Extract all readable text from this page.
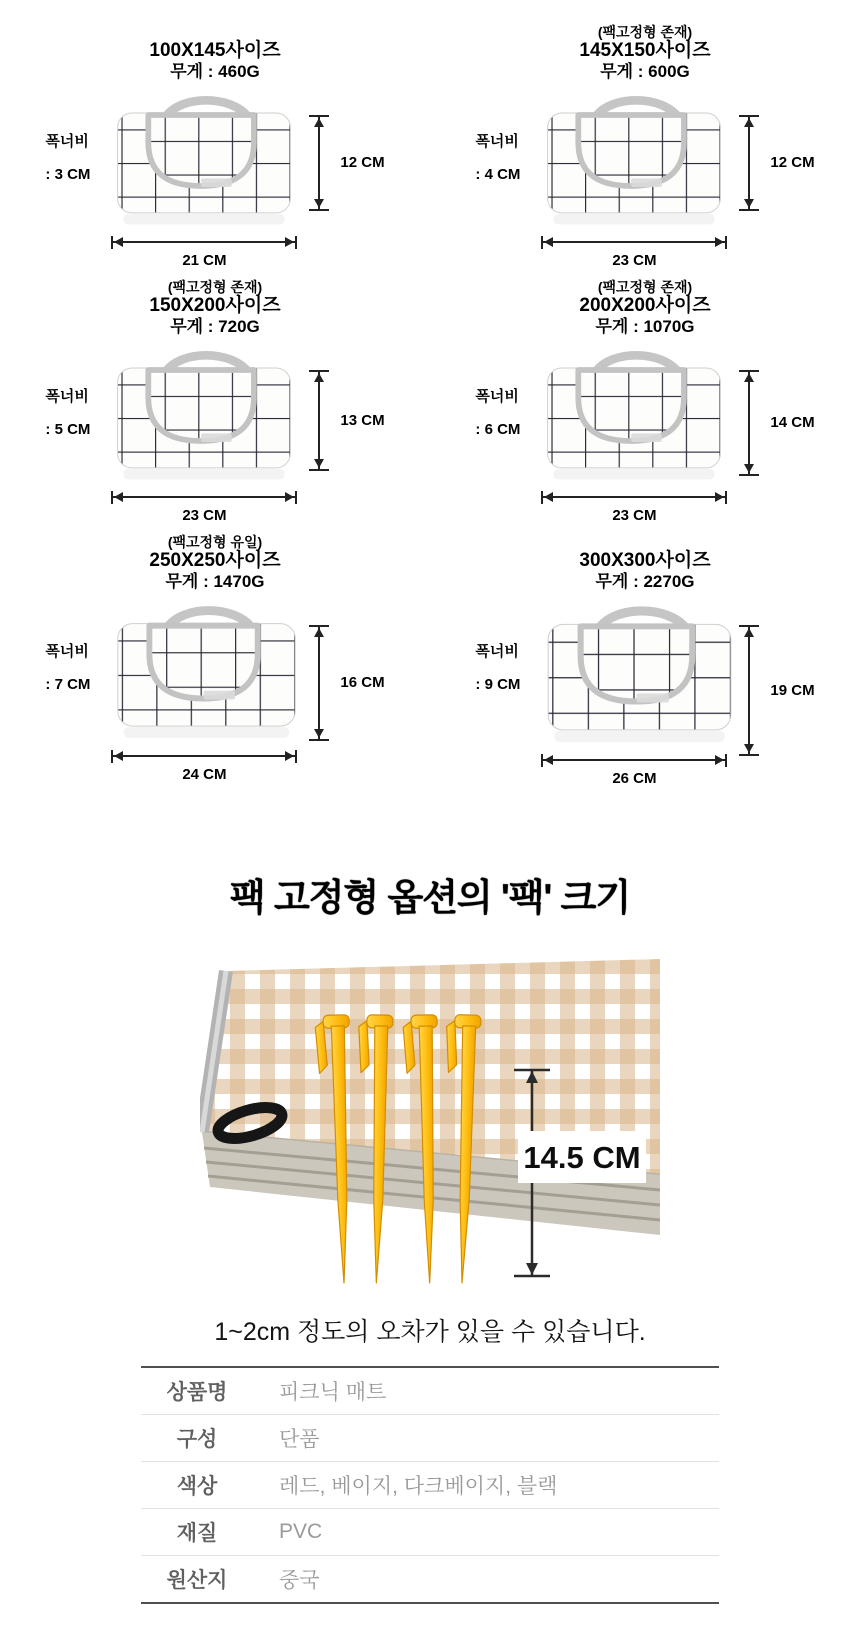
100X145사이즈
무게 : 460G
폭너비
: 3 CM
21 CM
12 CM
(팩고정형 존재)
145X150사이즈
무게 : 600G
폭너비
: 4 CM
23 CM
12 CM
(팩고정형 존재)
150X200사이즈
무게 : 720G
폭너비
: 5 CM
23 CM
13 CM
(팩고정형 존재)
200X200사이즈
무게 : 1070G
폭너비
: 6 CM
23 CM
14 CM
(팩고정형 유일)
250X250사이즈
무게 : 1470G
폭너비
: 7 CM
24 CM
16 CM
300X300사이즈
무게 : 2270G
폭너비
: 9 CM
26 CM
19 CM
팩 고정형 옵션의 '팩' 크기
14.5 CM
1~2cm 정도의 오차가 있을 수 있습니다.
상품명	피크닉 매트
구성	단품
색상	레드, 베이지, 다크베이지, 블랙
재질	PVC
원산지	중국
